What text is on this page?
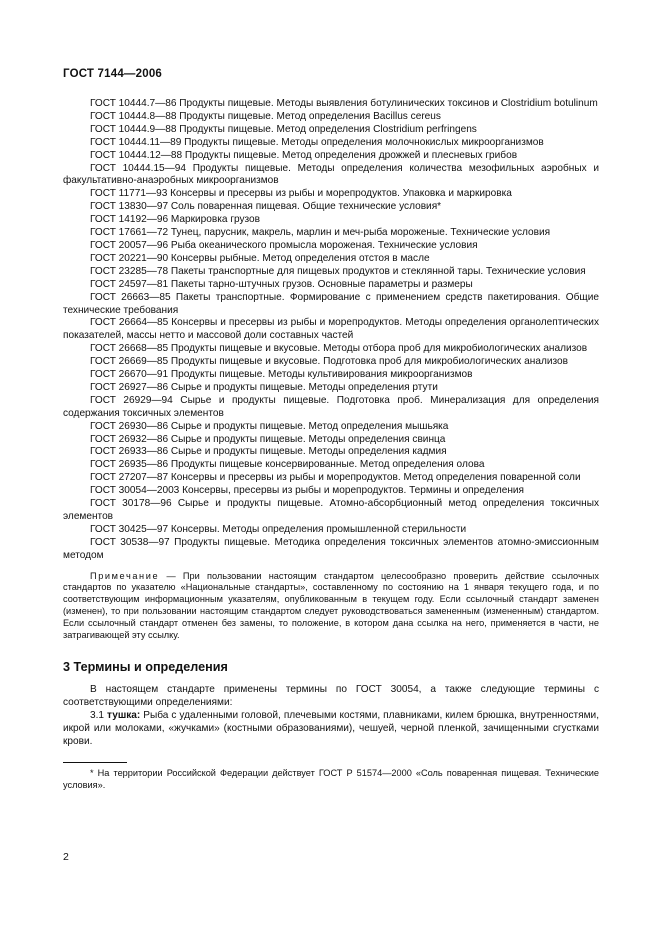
ГОСТ 7144—2006

ГОСТ 10444.7—86 Продукты пищевые. Методы выявления ботулинических токсинов и Clostridium botulinum

ГОСТ 10444.8—88 Продукты пищевые. Метод определения Bacillus cereus

ГОСТ 10444.9—88 Продукты пищевые. Метод определения Clostridium perfringens

ГОСТ 10444.11—89 Продукты пищевые. Методы определения молочнокислых микроорганизмов

ГОСТ 10444.12—88 Продукты пищевые. Метод определения дрожжей и плесневых грибов

ГОСТ 10444.15—94 Продукты пищевые. Методы определения количества мезофильных аэробных и факультативно-анаэробных микроорганизмов

ГОСТ 11771—93 Консервы и пресервы из рыбы и морепродуктов. Упаковка и маркировка

ГОСТ 13830—97 Соль поваренная пищевая. Общие технические условия*

ГОСТ 14192—96 Маркировка грузов

ГОСТ 17661—72 Тунец, парусник, макрель, марлин и меч-рыба мороженые. Технические условия

ГОСТ 20057—96 Рыба океанического промысла мороженая. Технические условия

ГОСТ 20221—90 Консервы рыбные. Метод определения отстоя в масле

ГОСТ 23285—78 Пакеты транспортные для пищевых продуктов и стеклянной тары. Технические условия

ГОСТ 24597—81 Пакеты тарно-штучных грузов. Основные параметры и размеры

ГОСТ 26663—85 Пакеты транспортные. Формирование с применением средств пакетирования. Общие технические требования

ГОСТ 26664—85 Консервы и пресервы из рыбы и морепродуктов. Методы определения органолептических показателей, массы нетто и массовой доли составных частей

ГОСТ 26668—85 Продукты пищевые и вкусовые. Методы отбора проб для микробиологических анализов

ГОСТ 26669—85 Продукты пищевые и вкусовые. Подготовка проб для микробиологических анализов

ГОСТ 26670—91 Продукты пищевые. Методы культивирования микроорганизмов

ГОСТ 26927—86 Сырье и продукты пищевые. Методы определения ртути

ГОСТ 26929—94 Сырье и продукты пищевые. Подготовка проб. Минерализация для определения содержания токсичных элементов

ГОСТ 26930—86 Сырье и продукты пищевые. Метод определения мышьяка

ГОСТ 26932—86 Сырье и продукты пищевые. Методы определения свинца

ГОСТ 26933—86 Сырье и продукты пищевые. Методы определения кадмия

ГОСТ 26935—86 Продукты пищевые консервированные. Метод определения олова

ГОСТ 27207—87 Консервы и пресервы из рыбы и морепродуктов. Метод определения поваренной соли

ГОСТ 30054—2003 Консервы, пресервы из рыбы и морепродуктов. Термины и определения

ГОСТ 30178—96 Сырье и продукты пищевые. Атомно-абсорбционный метод определения токсичных элементов

ГОСТ 30425—97 Консервы. Методы определения промышленной стерильности

ГОСТ 30538—97 Продукты пищевые. Методика определения токсичных элементов атомно-эмиссионным методом

Примечание — При пользовании настоящим стандартом целесообразно проверить действие ссылочных стандартов по указателю «Национальные стандарты», составленному по состоянию на 1 января текущего года, и по соответствующим информационным указателям, опубликованным в текущем году. Если ссылочный стандарт заменен (изменен), то при пользовании настоящим стандартом следует руководствоваться замененным (измененным) стандартом. Если ссылочный стандарт отменен без замены, то положение, в котором дана ссылка на него, применяется в части, не затрагивающей эту ссылку.

3 Термины и определения

В настоящем стандарте применены термины по ГОСТ 30054, а также следующие термины с соответствующими определениями:

3.1 тушка: Рыба с удаленными головой, плечевыми костями, плавниками, килем брюшка, внутренностями, икрой или молоками, «жучками» (костными образованиями), чешуей, черной пленкой, зачищенными сгустками крови.

* На территории Российской Федерации действует ГОСТ Р 51574—2000 «Соль поваренная пищевая. Технические условия».

2
